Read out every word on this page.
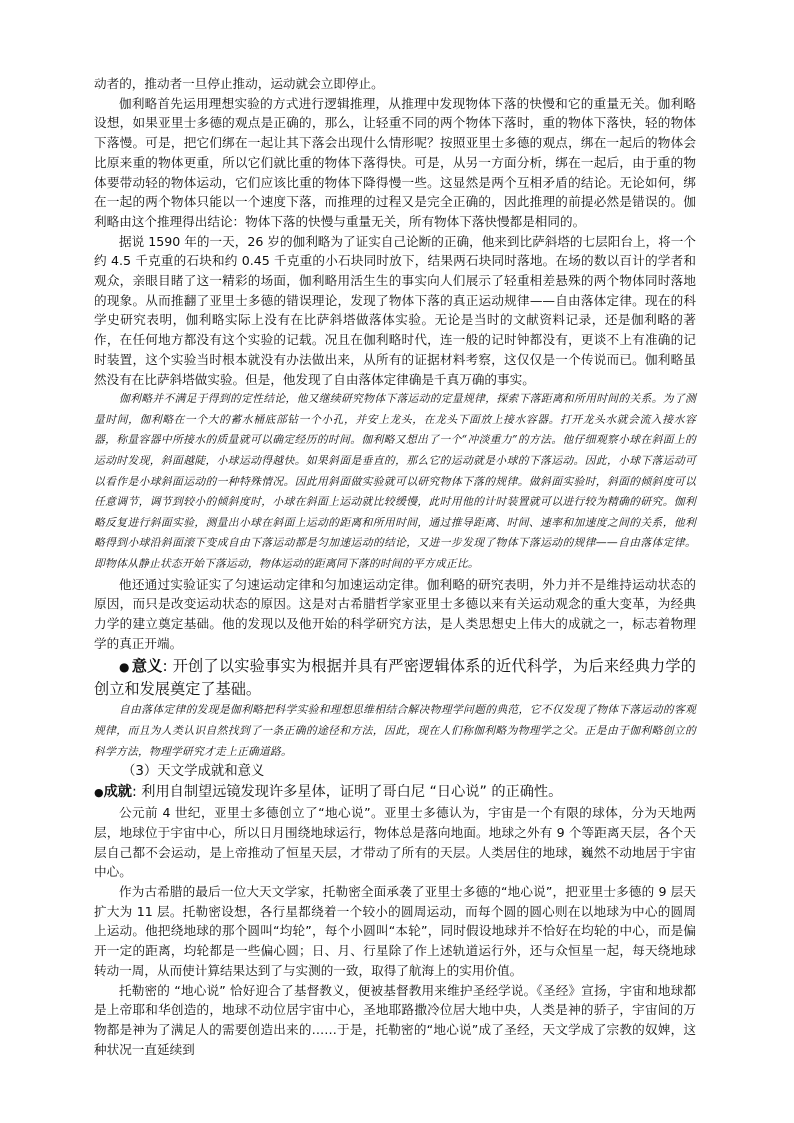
动者的，推动者一旦停止推动，运动就会立即停止。

伽利略首先运用理想实验的方式进行逻辑推理，从推理中发现物体下落的快慢和它的重量无关。伽利略设想，如果亚里士多德的观点是正确的，那么，让轻重不同的两个物体下落时，重的物体下落快，轻的物体下落慢。可是，把它们绑在一起让其下落会出现什么情形呢？按照亚里士多德的观点，绑在一起后的物体会比原来重的物体更重，所以它们就比重的物体下落得快。可是，从另一方面分析，绑在一起后，由于重的物体要带动轻的物体运动，它们应该比重的物体下降得慢一些。这显然是两个互相矛盾的结论。无论如何，绑在一起的两个物体只能以一个速度下落，而推理的过程又是完全正确的，因此推理的前提必然是错误的。伽利略由这个推理得出结论：物体下落的快慢与重量无关，所有物体下落快慢都是相同的。

据说 1590 年的一天，26 岁的伽利略为了证实自己论断的正确，他来到比萨斜塔的七层阳台上，将一个约 4.5 千克重的石块和约 0.45 千克重的小石块同时放下，结果两石块同时落地。在场的数以百计的学者和观众，亲眼目睹了这一精彩的场面，伽利略用活生生的事实向人们展示了轻重相差悬殊的两个物体同时落地的现象。从而推翻了亚里士多德的错误理论，发现了物体下落的真正运动规律——自由落体定律。现在的科学史研究表明，伽利略实际上没有在比萨斜塔做落体实验。无论是当时的文献资料记录，还是伽利略的著作，在任何地方都没有这个实验的记载。况且在伽利略时代，连一般的记时钟都没有，更谈不上有准确的记时装置，这个实验当时根本就没有办法做出来，从所有的证据材料考察，这仅仅是一个传说而已。伽利略虽然没有在比萨斜塔做实验。但是，他发现了自由落体定律确是千真万确的事实。

伽利略并不满足于得到的定性结论，他又继续研究物体下落运动的定量规律，探索下落距离和所用时间的关系。为了测量时间，伽利略在一个大的蓄水桶底部钻一个小孔，并安上龙头，在龙头下面放上接水容器。打开龙头水就会流入接水容器，称量容器中所接水的质量就可以确定经历的时间。伽利略又想出了一个“冲淡重力”的方法。他仔细观察小球在斜面上的运动时发现，斜面越陡，小球运动得越快。如果斜面是垂直的，那么它的运动就是小球的下落运动。因此，小球下落运动可以看作是小球斜面运动的一种特殊情况。因此用斜面做实验就可以研究物体下落的规律。做斜面实验时，斜面的倾斜度可以任意调节，调节到较小的倾斜度时，小球在斜面上运动就比较缓慢，此时用他的计时装置就可以进行较为精确的研究。伽利略反复进行斜面实验，测量出小球在斜面上运动的距离和所用时间，通过推导距离、时间、速率和加速度之间的关系，他利略得到小球沿斜面滚下变成自由下落运动都是匀加速运动的结论，又进一步发现了物体下落运动的规律——自由落体定律。即物体从静止状态开始下落运动，物体运动的距离同下落的时间的平方成正比。

他还通过实验证实了匀速运动定律和匀加速运动定律。伽利略的研究表明，外力并不是维持运动状态的原因，而只是改变运动状态的原因。这是对古希腊哲学家亚里士多德以来有关运动观念的重大变革，为经典力学的建立奠定基础。他的发现以及他开始的科学研究方法，是人类思想史上伟大的成就之一，标志着物理学的真正开端。

● 意义: 开创了以实验事实为根据并具有严密逻辑体系的近代科学，为后来经典力学的创立和发展奠定了基础。

自由落体定律的发现是伽利略把科学实验和理想思维相结合解决物理学问题的典范，它不仅发现了物体下落运动的客观规律，而且为人类认识自然找到了一条正确的途径和方法，因此，现在人们称伽利略为物理学之父。正是由于伽利略创立的科学方法，物理学研究才走上正确道路。

（3）天文学成就和意义

●成就: 利用自制望远镜发现许多星体，证明了哥白尼 “日心说” 的正确性。

公元前 4 世纪，亚里士多德创立了“地心说”。亚里士多德认为，宇宙是一个有限的球体，分为天地两层，地球位于宇宙中心，所以日月围绕地球运行，物体总是落向地面。地球之外有 9 个等距离天层，各个天层自己都不会运动，是上帝推动了恒星天层，才带动了所有的天层。人类居住的地球，巍然不动地居于宇宙中心。

作为古希腊的最后一位大天文学家，托勒密全面承袭了亚里士多德的“地心说”，把亚里士多德的 9 层天扩大为 11 层。托勒密设想，各行星都绕着一个较小的圆周运动，而每个圆的圆心则在以地球为中心的圆周上运动。他把绕地球的那个圆叫“均轮”，每个小圆叫“本轮”，同时假设地球并不恰好在均轮的中心，而是偏开一定的距离，均轮都是一些偏心圆；日、月、行星除了作上述轨道运行外，还与众恒星一起，每天绕地球转动一周，从而使计算结果达到了与实测的一致，取得了航海上的实用价值。

托勒密的 “地心说” 恰好迎合了基督教义，便被基督教用来维护圣经学说。《圣经》宣扬，宇宙和地球都是上帝耶和华创造的，地球不动位居宇宙中心，圣地耶路撒冷位居大地中央，人类是神的骄子，宇宙间的万物都是神为了满足人的需要创造出来的……于是，托勒密的“地心说”成了圣经，天文学成了宗教的奴婢，这种状况一直延续到
